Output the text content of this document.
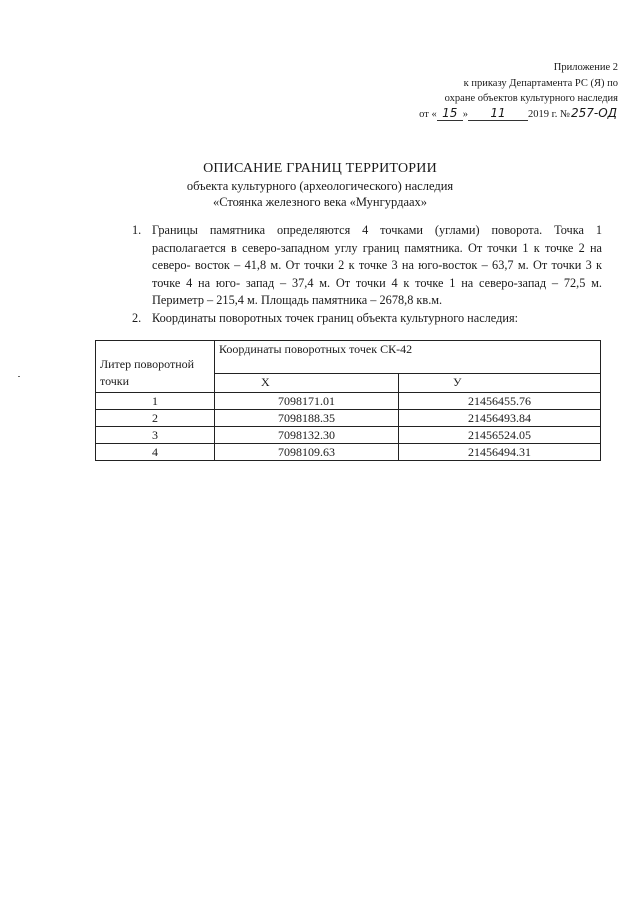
Приложение 2
к приказу Департамента РС (Я) по
охране объектов культурного наследия
от « 15 » 11 2019 г. №257-ОД
ОПИСАНИЕ ГРАНИЦ ТЕРРИТОРИИ
объекта культурного (археологического) наследия
«Стоянка железного века «Мунгурдаах»
1. Границы памятника определяются 4 точками (углами) поворота. Точка 1 располагается в северо-западном углу границ памятника. От точки 1 к точке 2 на северо- восток – 41,8 м. От точки 2 к точке 3 на юго-восток – 63,7 м. От точки 3 к точке 4 на юго- запад – 37,4 м. От точки 4 к точке 1 на северо-запад – 72,5 м. Периметр – 215,4 м. Площадь памятника – 2678,8 кв.м.
2. Координаты поворотных точек границ объекта культурного наследия:
Литер поворотной точки	Координаты поворотных точек СК-42	
	X	У
1	7098171.01	21456455.76
2	7098188.35	21456493.84
3	7098132.30	21456524.05
4	7098109.63	21456494.31
